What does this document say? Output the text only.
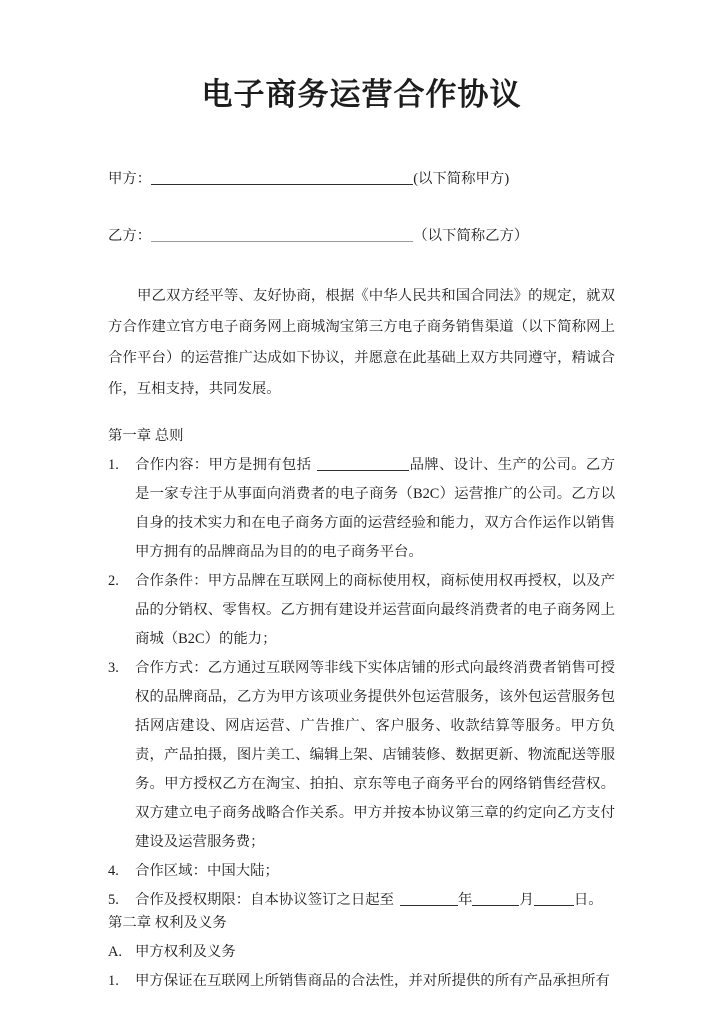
电子商务运营合作协议
甲方：	(以下简称甲方)
乙方：	（以下简称乙方）

甲乙双方经平等、友好协商，根据《中华人民共和国合同法》的规定，就双方合作建立官方电子商务网上商城淘宝第三方电子商务销售渠道（以下简称网上合作平台）的运营推广达成如下协议，并愿意在此基础上双方共同遵守，精诚合作，互相支持，共同发展。

第一章 总则
1. 合作内容：甲方是拥有包括	品牌、设计、生产的公司。乙方是一家专注于从事面向消费者的电子商务（B2C）运营推广的公司。乙方以自身的技术实力和在电子商务方面的运营经验和能力，双方合作运作以销售甲方拥有的品牌商品为目的的电子商务平台。
2. 合作条件：甲方品牌在互联网上的商标使用权，商标使用权再授权，以及产品的分销权、零售权。乙方拥有建设并运营面向最终消费者的电子商务网上商城（B2C）的能力；
3. 合作方式：乙方通过互联网等非线下实体店铺的形式向最终消费者销售可授权的品牌商品，乙方为甲方该项业务提供外包运营服务，该外包运营服务包括网店建设、网店运营、广告推广、客户服务、收款结算等服务。甲方负责，产品拍摄，图片美工、编辑上架、店铺装修、数据更新、物流配送等服务。甲方授权乙方在淘宝、拍拍、京东等电子商务平台的网络销售经营权。双方建立电子商务战略合作关系。甲方并按本协议第三章的约定向乙方支付建设及运营服务费；
4. 合作区域：中国大陆；
5. 合作及授权期限：自本协议签订之日起至	年	月	日。
第二章 权利及义务
A. 甲方权利及义务
1. 甲方保证在互联网上所销售商品的合法性，并对所提供的所有产品承担所有
